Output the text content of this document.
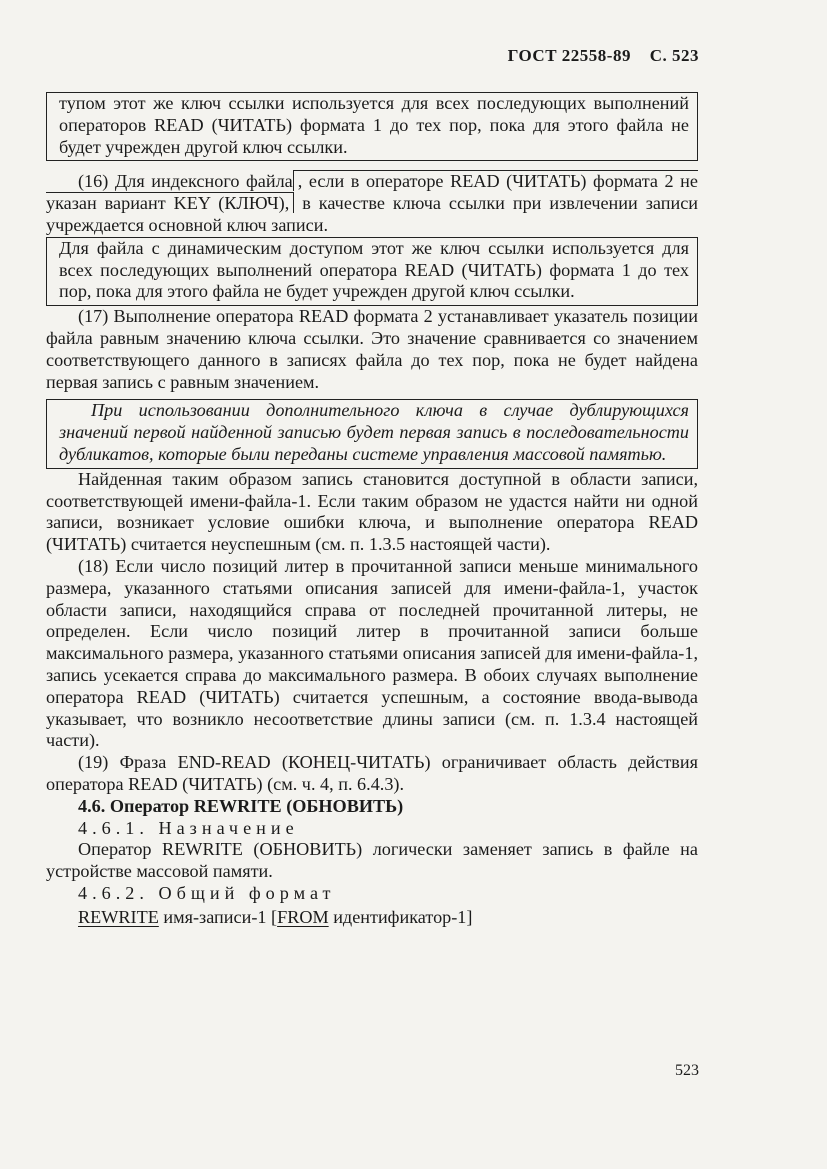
ГОСТ 22558-89 С. 523

тупом этот же ключ ссылки используется для всех последующих выполнений операторов READ (ЧИТАТЬ) формата 1 до тех пор, пока для этого файла не будет учрежден другой ключ ссылки.

(16) Для индексного файла , если в операторе READ (ЧИТАТЬ) формата 2 не указан вариант KEY (КЛЮЧ), в качестве ключа ссылки при извлечении записи учреждается основной ключ записи.

Для файла с динамическим доступом этот же ключ ссылки используется для всех последующих выполнений оператора READ (ЧИТАТЬ) формата 1 до тех пор, пока для этого файла не будет учрежден другой ключ ссылки.

(17) Выполнение оператора READ формата 2 устанавливает указатель позиции файла равным значению ключа ссылки. Это значение сравнивается со значением соответствующего данного в записях файла до тех пор, пока не будет найдена первая запись с равным значением.

При использовании дополнительного ключа в случае дублирующихся значений первой найденной записью будет первая запись в последовательности дубликатов, которые были переданы системе управления массовой памятью.

Найденная таким образом запись становится доступной в области записи, соответствующей имени-файла-1. Если таким образом не удастся найти ни одной записи, возникает условие ошибки ключа, и выполнение оператора READ (ЧИТАТЬ) считается неуспешным (см. п. 1.3.5 настоящей части).

(18) Если число позиций литер в прочитанной записи меньше минимального размера, указанного статьями описания записей для имени-файла-1, участок области записи, находящийся справа от последней прочитанной литеры, не определен. Если число позиций литер в прочитанной записи больше максимального размера, указанного статьями описания записей для имени-файла-1, запись усекается справа до максимального размера. В обоих случаях выполнение оператора READ (ЧИТАТЬ) считается успешным, а состояние ввода-вывода указывает, что возникло несоответствие длины записи (см. п. 1.3.4 настоящей части).

(19) Фраза END-READ (КОНЕЦ-ЧИТАТЬ) ограничивает область действия оператора READ (ЧИТАТЬ) (см. ч. 4, п. 6.4.3).

4.6. Оператор REWRITE (ОБНОВИТЬ)

4.6.1. Назначение

Оператор REWRITE (ОБНОВИТЬ) логически заменяет запись в файле на устройстве массовой памяти.

4.6.2. Общий формат

REWRITE имя-записи-1 [FROM идентификатор-1]

523
